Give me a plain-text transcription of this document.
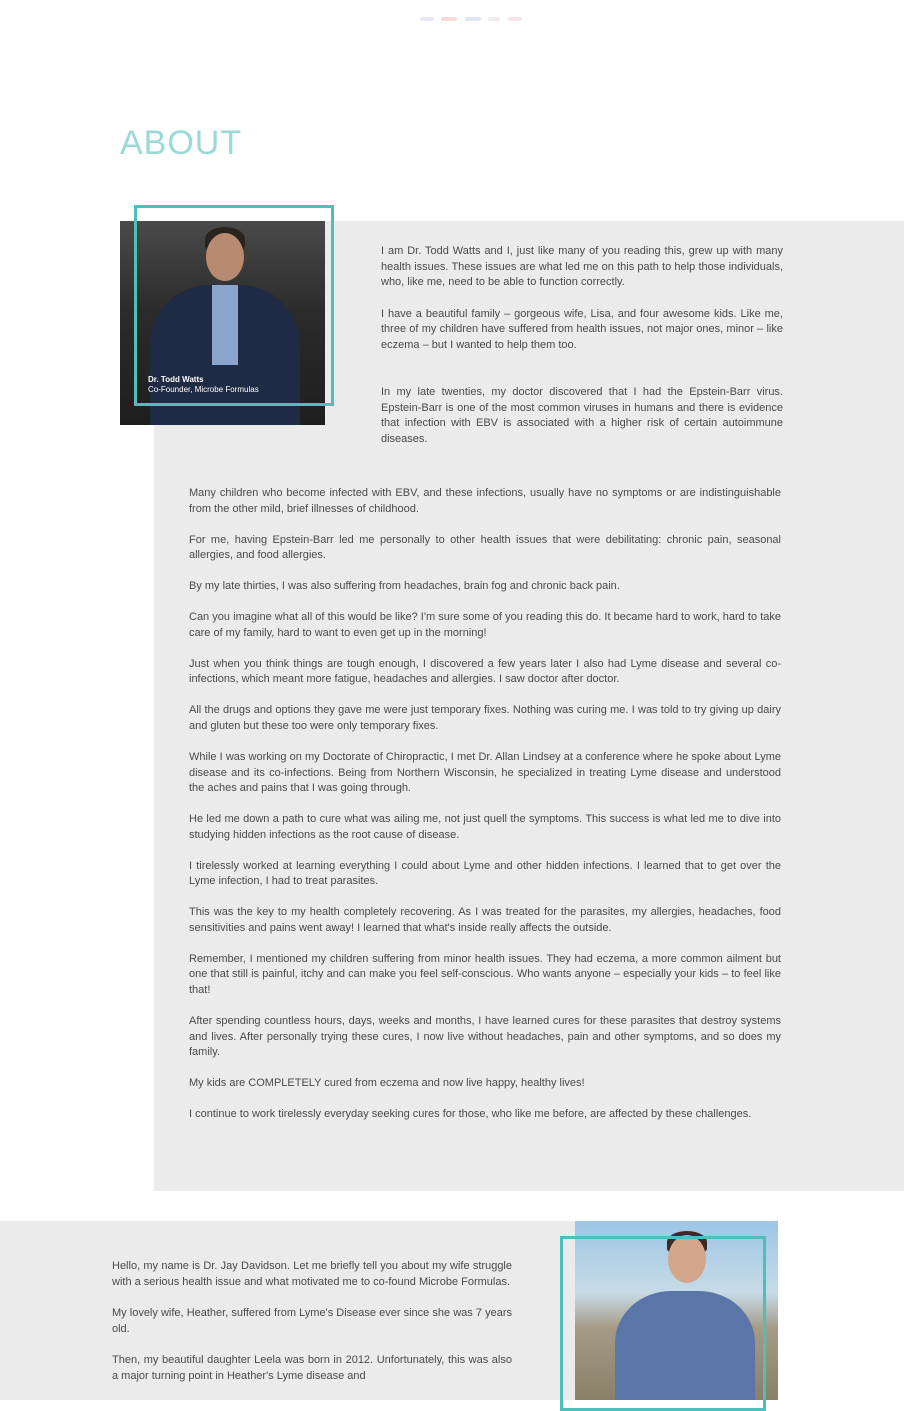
ABOUT
Dr. Todd Watts
Co-Founder, Microbe Formulas

I am Dr. Todd Watts and I, just like many of you reading this, grew up with many health issues. These issues are what led me on this path to help those individuals, who, like me, need to be able to function correctly.

I have a beautiful family – gorgeous wife, Lisa, and four awesome kids. Like me, three of my children have suffered from health issues, not major ones, minor – like eczema – but I wanted to help them too.

In my late twenties, my doctor discovered that I had the Epstein-Barr virus. Epstein-Barr is one of the most common viruses in humans and there is evidence that infection with EBV is associated with a higher risk of certain autoimmune diseases.

Many children who become infected with EBV, and these infections, usually have no symptoms or are indistinguishable from the other mild, brief illnesses of childhood.

For me, having Epstein-Barr led me personally to other health issues that were debilitating: chronic pain, seasonal allergies, and food allergies.

By my late thirties, I was also suffering from headaches, brain fog and chronic back pain.

Can you imagine what all of this would be like? I'm sure some of you reading this do. It became hard to work, hard to take care of my family, hard to want to even get up in the morning!

Just when you think things are tough enough, I discovered a few years later I also had Lyme disease and several co-infections, which meant more fatigue, headaches and allergies. I saw doctor after doctor.

All the drugs and options they gave me were just temporary fixes. Nothing was curing me. I was told to try giving up dairy and gluten but these too were only temporary fixes.

While I was working on my Doctorate of Chiropractic, I met Dr. Allan Lindsey at a conference where he spoke about Lyme disease and its co-infections. Being from Northern Wisconsin, he specialized in treating Lyme disease and understood the aches and pains that I was going through.

He led me down a path to cure what was ailing me, not just quell the symptoms. This success is what led me to dive into studying hidden infections as the root cause of disease.

I tirelessly worked at learning everything I could about Lyme and other hidden infections. I learned that to get over the Lyme infection, I had to treat parasites.

This was the key to my health completely recovering. As I was treated for the parasites, my allergies, headaches, food sensitivities and pains went away! I learned that what's inside really affects the outside.

Remember, I mentioned my children suffering from minor health issues. They had eczema, a more common ailment but one that still is painful, itchy and can make you feel self-conscious. Who wants anyone – especially your kids – to feel like that!

After spending countless hours, days, weeks and months, I have learned cures for these parasites that destroy systems and lives. After personally trying these cures, I now live without headaches, pain and other symptoms, and so does my family.

My kids are COMPLETELY cured from eczema and now live happy, healthy lives!

I continue to work tirelessly everyday seeking cures for those, who like me before, are affected by these challenges.

Hello, my name is Dr. Jay Davidson. Let me briefly tell you about my wife struggle with a serious health issue and what motivated me to co-found Microbe Formulas.

My lovely wife, Heather, suffered from Lyme's Disease ever since she was 7 years old.

Then, my beautiful daughter Leela was born in 2012. Unfortunately, this was also a major turning point in Heather's Lyme disease and
